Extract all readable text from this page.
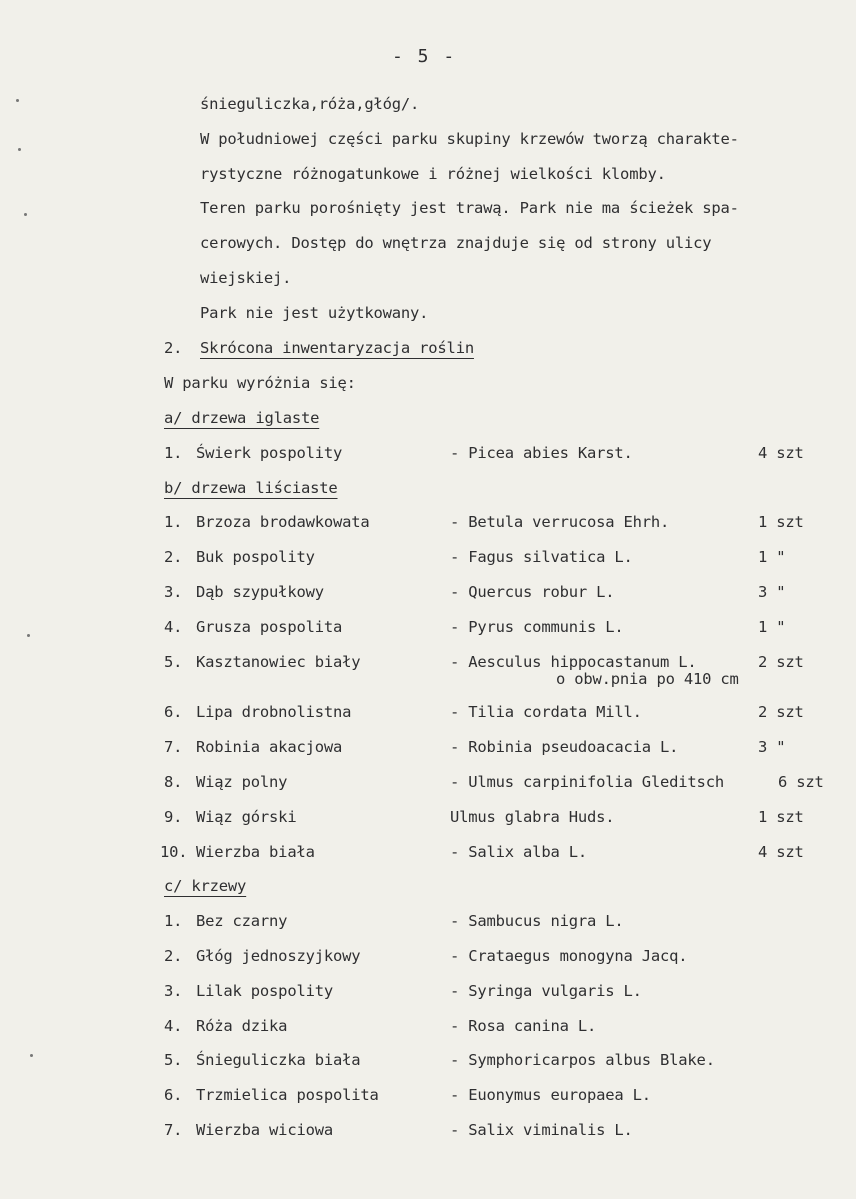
- 5 -
śnieguliczka,róża,głóg/.
W południowej części parku skupiny krzewów tworzą charakte-
rystyczne różnogatunkowe i różnej wielkości klomby.
Teren parku porośnięty jest trawą. Park nie ma ścieżek spa-
cerowych. Dostęp do wnętrza znajduje się od strony ulicy
wiejskiej.
Park nie jest użytkowany.
2. Skrócona inwentaryzacja roślin
W parku wyróżnia się:
a/ drzewa iglaste
1. Świerk pospolity	- Picea abies Karst.	4 szt
b/ drzewa liściaste
1. Brzoza brodawkowata	- Betula verrucosa Ehrh.	1 szt
2. Buk pospolity	- Fagus silvatica L.	1 "
3. Dąb szypułkowy	- Quercus robur L.	3 "
4. Grusza pospolita	- Pyrus communis L.	1 "
5. Kasztanowiec biały	- Aesculus hippocastanum L.	2 szt
o obw.pnia po 410 cm
6. Lipa drobnolistna	- Tilia cordata Mill.	2 szt
7. Robinia akacjowa	- Robinia pseudoacacia L.	3 "
8. Wiąz polny	- Ulmus carpinifolia Gleditsch	6 szt
9. Wiąz górski	Ulmus glabra Huds.	1 szt
10. Wierzba biała	- Salix alba L.	4 szt
c/ krzewy
1. Bez czarny	- Sambucus nigra L.
2. Głóg jednoszyjkowy	- Crataegus monogyna Jacq.
3. Lilak pospolity	- Syringa vulgaris L.
4. Róża dzika	- Rosa canina L.
5. Śnieguliczka biała	- Symphoricarpos albus Blake.
6. Trzmielica pospolita	- Euonymus europaea L.
7. Wierzba wiciowa	- Salix viminalis L.
